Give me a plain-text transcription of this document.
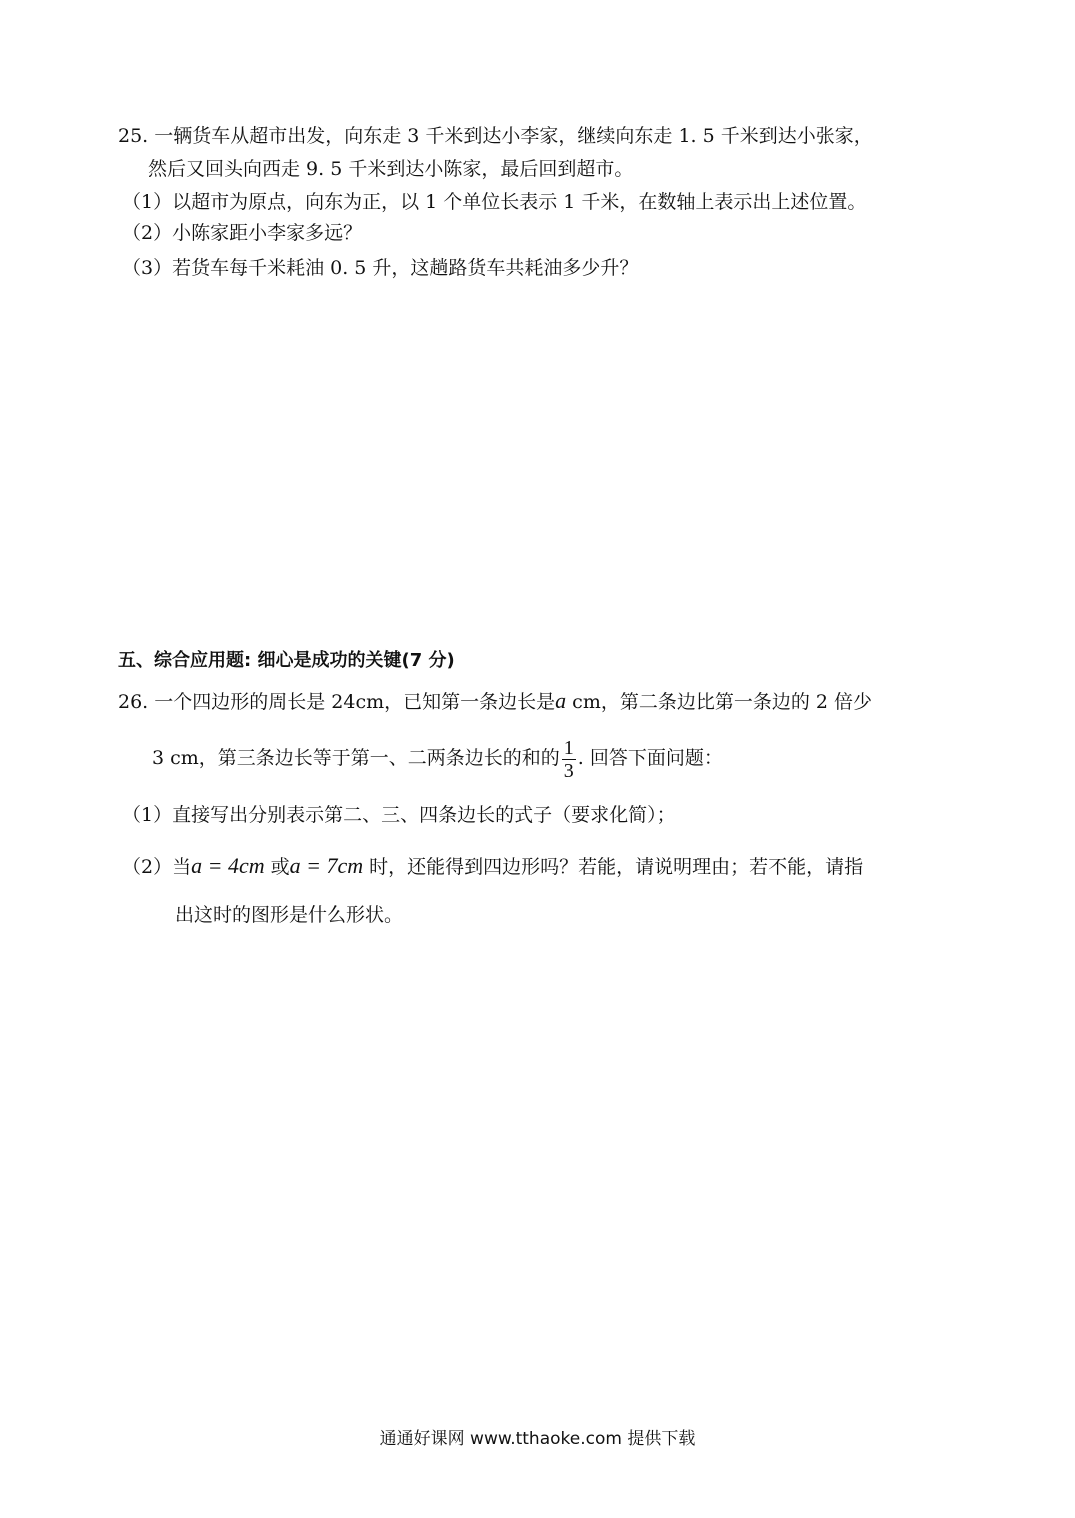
25. 一辆货车从超市出发，向东走 3 千米到达小李家，继续向东走 1. 5 千米到达小张家，
然后又回头向西走 9. 5 千米到达小陈家，最后回到超市。
（1）以超市为原点，向东为正，以 1 个单位长表示 1 千米，在数轴上表示出上述位置。
（2）小陈家距小李家多远？
（3）若货车每千米耗油 0. 5 升，这趟路货车共耗油多少升？
五、综合应用题: 细心是成功的关键(7 分)
26. 一个四边形的周长是 24cm，已知第一条边长是a cm，第二条边比第一条边的 2 倍少
3 cm，第三条边长等于第一、二两条边长的和的 $\frac{1}{3}$ . 回答下面问题：
（1）直接写出分别表示第二、三、四条边长的式子（要求化简）；
（2）当a = 4cm 或a = 7cm 时，还能得到四边形吗？若能，请说明理由；若不能，请指
出这时的图形是什么形状。
通通好课网 www.tthaoke.com 提供下载
